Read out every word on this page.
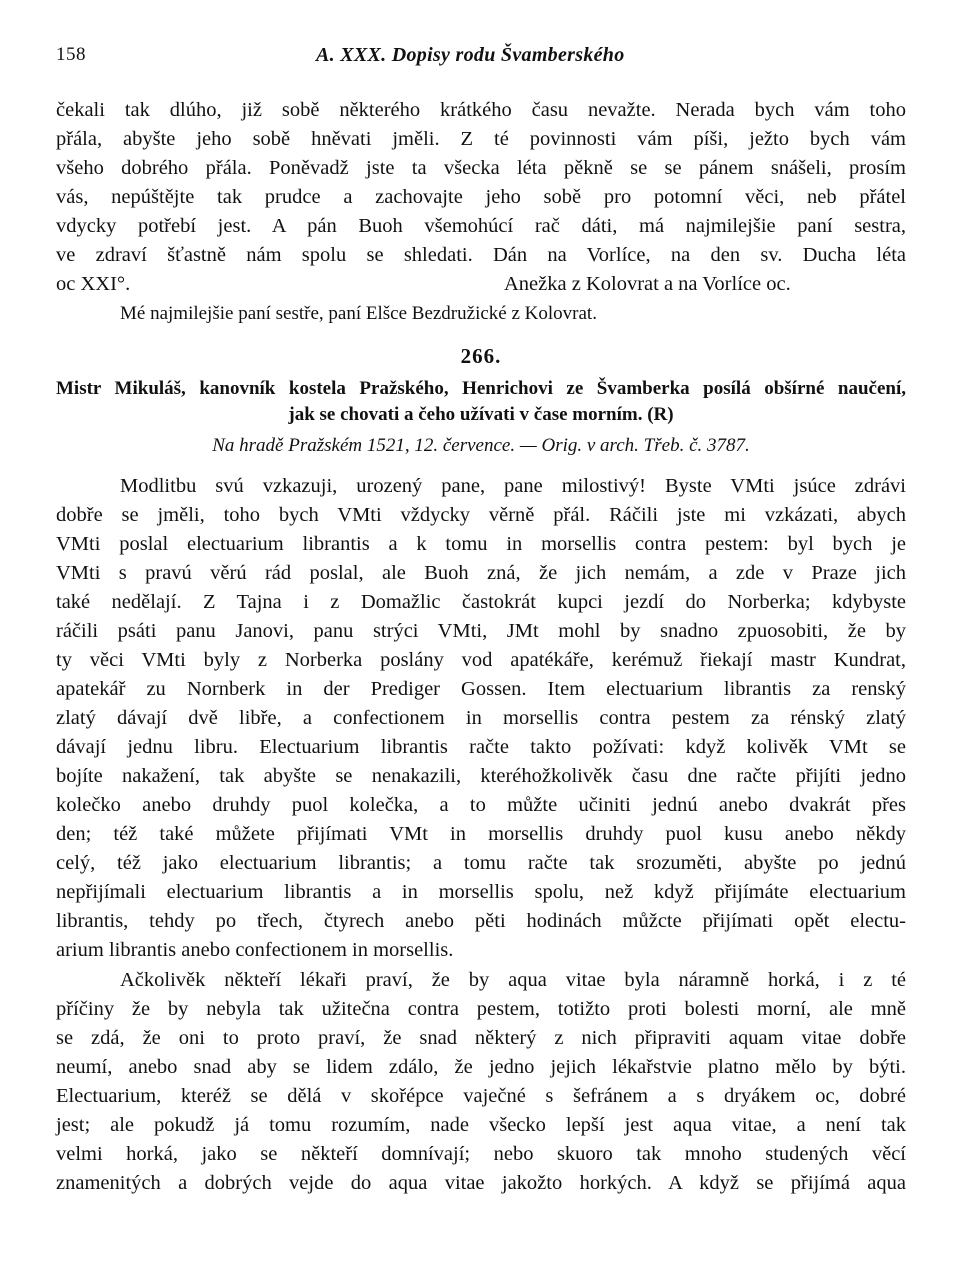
158	A. XXX. Dopisy rodu Švamberského
čekali tak dlúho, již sobě některého krátkého času nevažte. Nerada bych vám toho
přála, abyšte jeho sobě hněvati jměli. Z té povinnosti vám píši, ježto bych vám
všeho dobrého přála. Poněvadž jste ta všecka léta pěkně se se pánem snášeli, prosím
vás, nepúštějte tak prudce a zachovajte jeho sobě pro potomní věci, neb přátel
vdycky potřebí jest. A pán Buoh všemohúcí rač dáti, má najmilejšie paní sestra,
ve zdraví šťastně nám spolu se shledati. Dán na Vorlíce, na den sv. Ducha léta
oc XXI°.	Anežka z Kolovrat a na Vorlíce oc.
Mé najmilejšie paní sestře, paní Elšce Bezdružické z Kolovrat.
266.
Mistr Mikuláš, kanovník kostela Pražského, Henrichovi ze Švamberka posílá obšírné naučení,
jak se chovati a čeho užívati v čase morním. (R)
Na hradě Pražském 1521, 12. července. — Orig. v arch. Třeb. č. 3787.
Modlitbu svú vzkazuji, urozený pane, pane milostivý! Byste VMti jsúce zdrávi
dobře se jměli, toho bych VMti vždycky věrně přál. Ráčili jste mi vzkázati, abych
VMti poslal electuarium librantis a k tomu in morsellis contra pestem: byl bych je
VMti s pravú věrú rád poslal, ale Buoh zná, že jich nemám, a zde v Praze jich
také nedělají. Z Tajna i z Domažlic častokrát kupci jezdí do Norberka; kdybyste
ráčili psáti panu Janovi, panu strýci VMti, JMt mohl by snadno zpuosobiti, že by
ty věci VMti byly z Norberka poslány vod apatékáře, kerémuž řiekají mastr Kundrat,
apatekář zu Nornberk in der Prediger Gossen. Item electuarium librantis za renský
zlatý dávají dvě libře, a confectionem in morsellis contra pestem za rénský zlatý
dávají jednu libru. Electuarium librantis račte takto požívati: když kolivěk VMt se
bojíte nakažení, tak abyšte se nenakazili, kteréhožkolivěk času dne račte přijíti jedno
kolečko anebo druhdy puol kolečka, a to můžte učiniti jednú anebo dvakrát přes
den; též také můžete přijímati VMt in morsellis druhdy puol kusu anebo někdy
celý, též jako electuarium librantis; a tomu račte tak srozuměti, abyšte po jednú
nepřijímali electuarium librantis a in morsellis spolu, než když přijímáte electuarium
librantis, tehdy po třech, čtyrech anebo pěti hodinách můžcte přijímati opět electu-
arium librantis anebo confectionem in morsellis.
Ačkolivěk někteří lékaři praví, že by aqua vitae byla náramně horká, i z té
příčiny že by nebyla tak užitečna contra pestem, totižto proti bolesti morní, ale mně
se zdá, že oni to proto praví, že snad některý z nich připraviti aquam vitae dobře
neumí, anebo snad aby se lidem zdálo, že jedno jejich lékařstvie platno mělo by býti.
Electuarium, kteréž se dělá v skořépce vaječné s šefránem a s dryákem oc, dobré
jest; ale pokudž já tomu rozumím, nade všecko lepší jest aqua vitae, a není tak
velmi horká, jako se někteří domnívají; nebo skuoro tak mnoho studených věcí
znamenitých a dobrých vejde do aqua vitae jakožto horkých. A když se přijímá aqua
